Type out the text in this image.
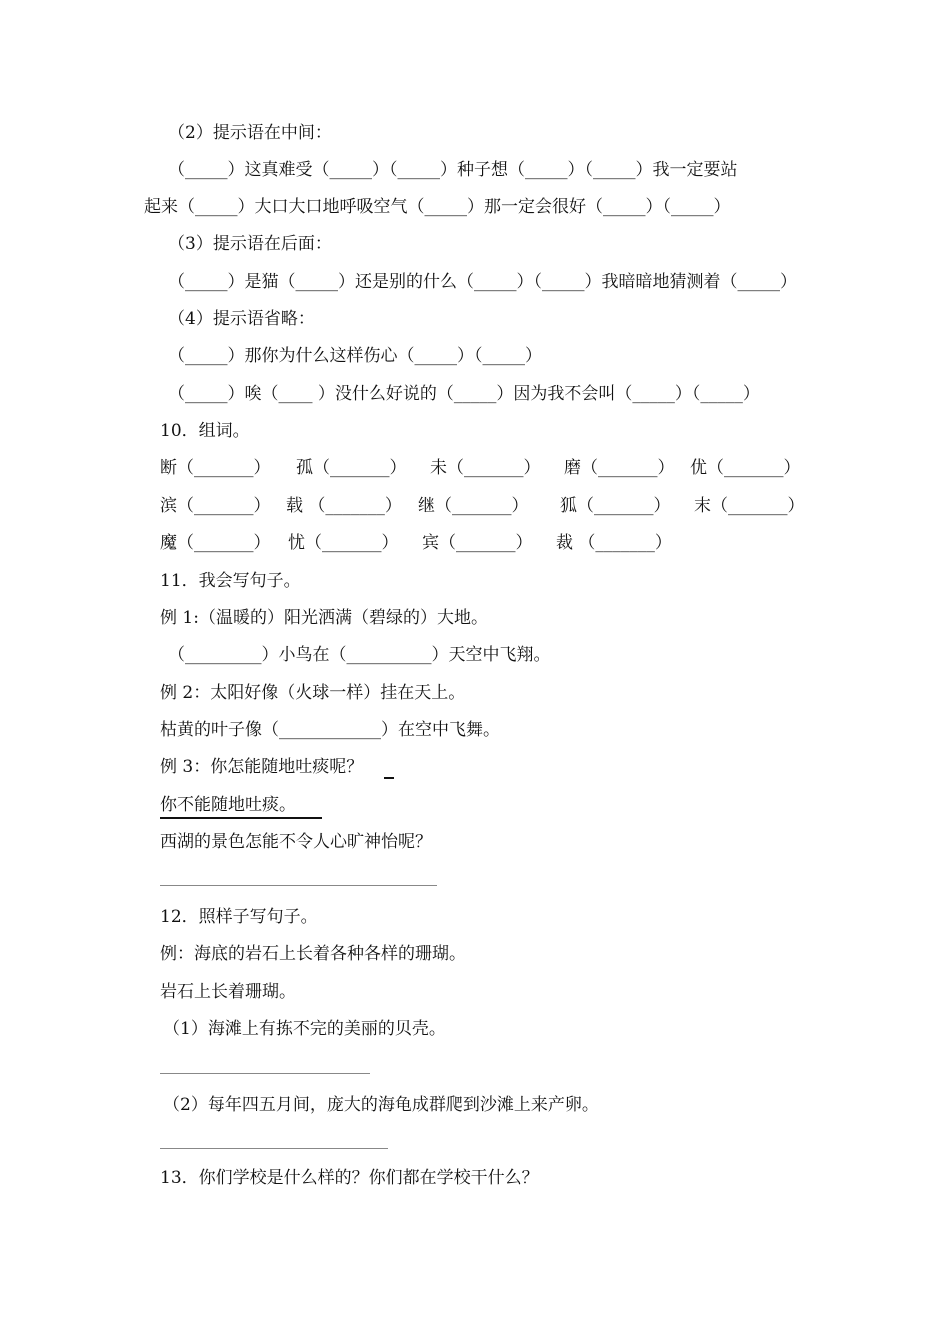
（2）提示语在中间：
（_____）这真难受（_____）（_____）种子想（_____）（_____）我一定要站
起来（_____）大口大口地呼吸空气（_____）那一定会很好（_____）（_____）
（3）提示语在后面：
（_____）是猫（_____）还是别的什么（_____）（_____）我暗暗地猜测着（_____）
（4）提示语省略：
（_____）那你为什么这样伤心（_____）（_____）
（_____）唉（____ ）没什么好说的（_____）因为我不会叫（_____）（_____）
10．组词。
断（_______） 孤（_______） 未（_______） 磨（_______） 优（_______）
滨（_______） 载 （_______） 继（_______） 狐（_______） 末（_______）
魔（_______） 忧（_______） 宾（_______） 裁 （_______）
11．我会写句子。
例 1:（温暖的）阳光洒满（碧绿的）大地。
（_________）小鸟在（__________）天空中飞翔。
例 2：太阳好像（火球一样）挂在天上。
枯黄的叶子像（____________）在空中飞舞。
例 3：你怎能随地吐痰呢？
你不能随地吐痰。
西湖的景色怎能不令人心旷神怡呢？
12．照样子写句子。
例：海底的岩石上长着各种各样的珊瑚。
岩石上长着珊瑚。
（1）海滩上有拣不完的美丽的贝壳。
（2）每年四五月间，庞大的海龟成群爬到沙滩上来产卵。
13．你们学校是什么样的？你们都在学校干什么？
